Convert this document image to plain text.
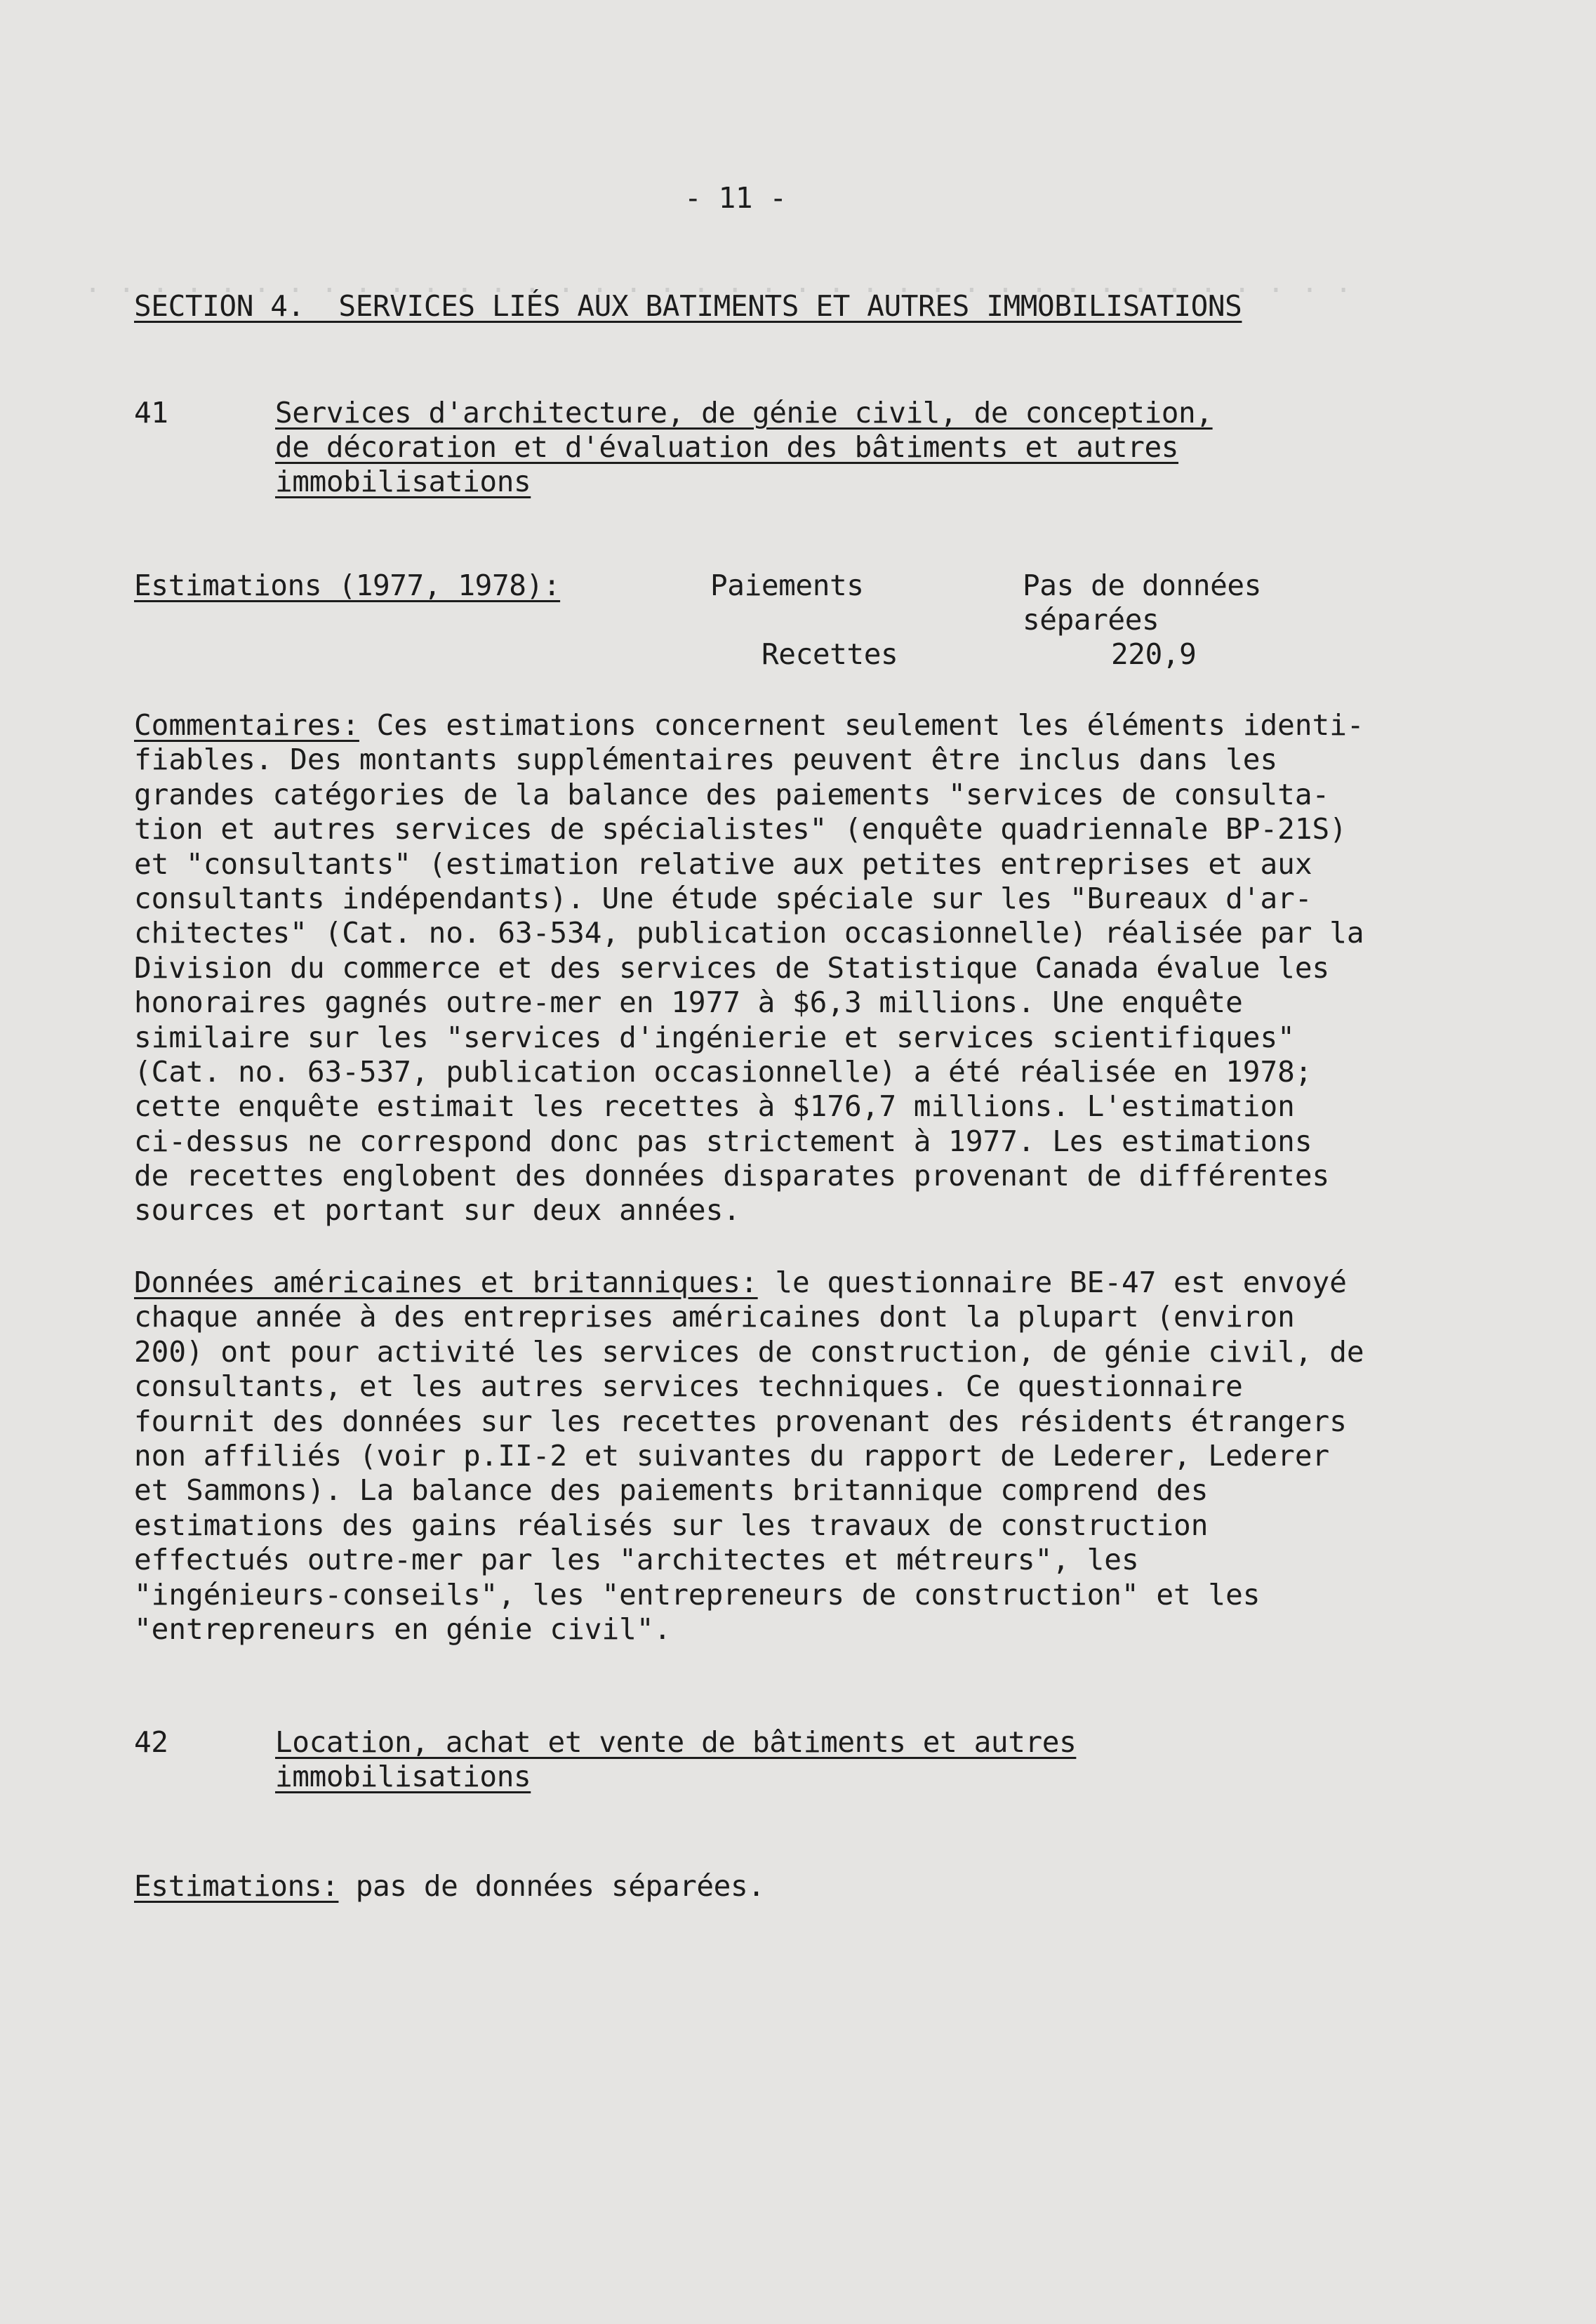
. . . . . . . . . . . . . . . . . . . . . . . . . . . . . . . . . . . . . .
- 11 -
SECTION 4.  SERVICES LIÉS AUX BATIMENTS ET AUTRES IMMOBILISATIONS
41	Services d'architecture, de génie civil, de conception,
de décoration et d'évaluation des bâtiments et autres
immobilisations
Estimations (1977, 1978):	Paiements	Pas de données
séparées
Recettes	220,9
Commentaires: Ces estimations concernent seulement les éléments identi-
fiables. Des montants supplémentaires peuvent être inclus dans les
grandes catégories de la balance des paiements "services de consulta-
tion et autres services de spécialistes" (enquête quadriennale BP-21S)
et "consultants" (estimation relative aux petites entreprises et aux
consultants indépendants). Une étude spéciale sur les "Bureaux d'ar-
chitectes" (Cat. no. 63-534, publication occasionnelle) réalisée par la
Division du commerce et des services de Statistique Canada évalue les
honoraires gagnés outre-mer en 1977 à $6,3 millions. Une enquête
similaire sur les "services d'ingénierie et services scientifiques"
(Cat. no. 63-537, publication occasionnelle) a été réalisée en 1978;
cette enquête estimait les recettes à $176,7 millions. L'estimation
ci-dessus ne correspond donc pas strictement à 1977. Les estimations
de recettes englobent des données disparates provenant de différentes
sources et portant sur deux années.
Données américaines et britanniques: le questionnaire BE-47 est envoyé
chaque année à des entreprises américaines dont la plupart (environ
200) ont pour activité les services de construction, de génie civil, de
consultants, et les autres services techniques. Ce questionnaire
fournit des données sur les recettes provenant des résidents étrangers
non affiliés (voir p.II-2 et suivantes du rapport de Lederer, Lederer
et Sammons). La balance des paiements britannique comprend des
estimations des gains réalisés sur les travaux de construction
effectués outre-mer par les "architectes et métreurs", les
"ingénieurs-conseils", les "entrepreneurs de construction" et les
"entrepreneurs en génie civil".
42	Location, achat et vente de bâtiments et autres
immobilisations
Estimations: pas de données séparées.
